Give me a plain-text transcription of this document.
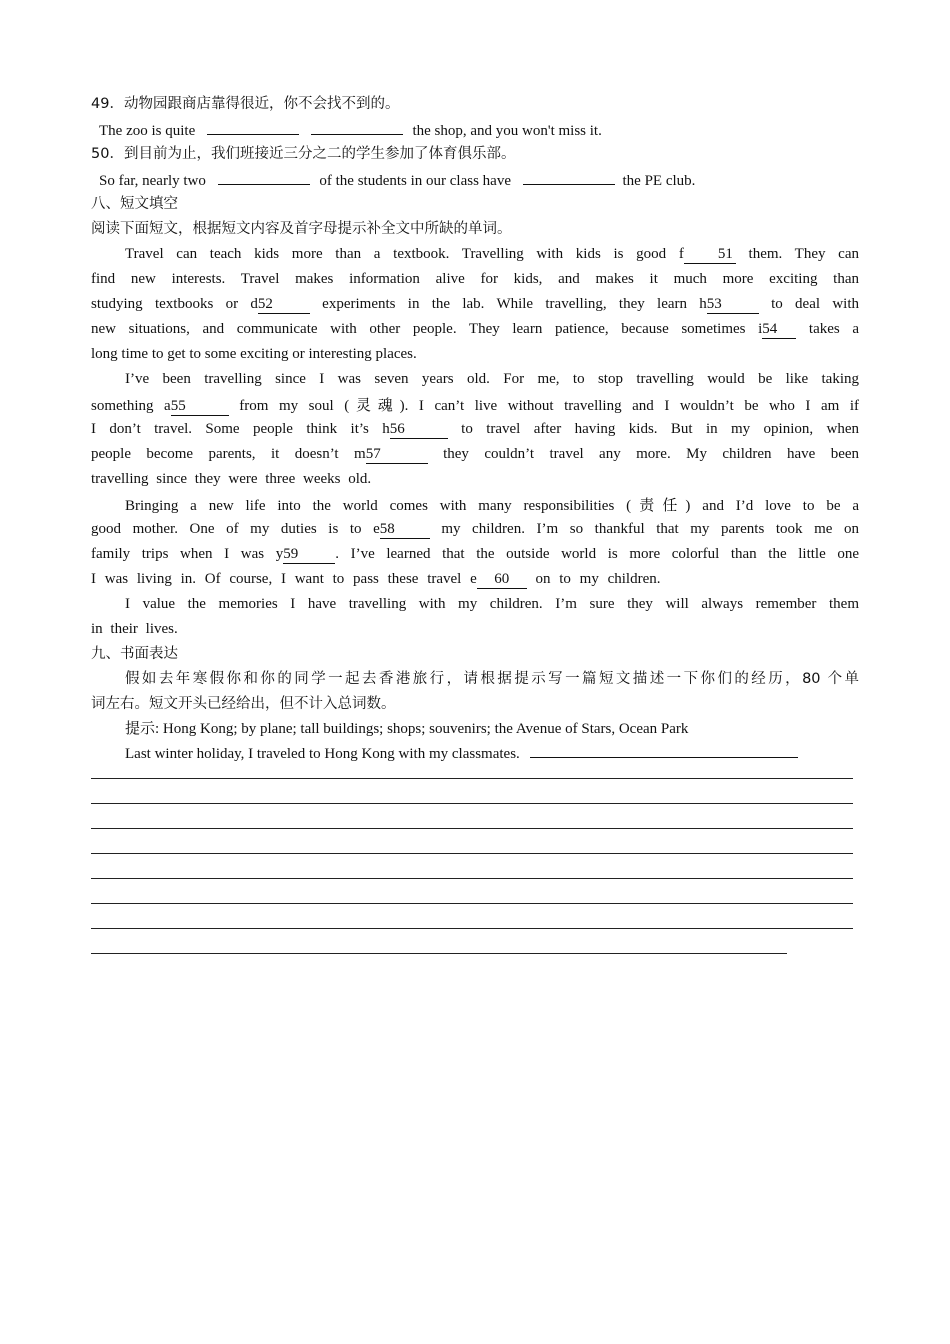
49．动物园跟商店靠得很近，你不会找不到的。
The zoo is quite	the shop, and you won't miss it.
50．到目前为止，我们班接近三分之二的学生参加了体育俱乐部。
So far, nearly two	of the students in our class have	the PE club.
八、短文填空
阅读下面短文，根据短文内容及首字母提示补全文中所缺的单词。
Travel can teach kids more than a textbook. Travelling with kids is good f 51 them. They can
find new interests. Travel makes information alive for kids, and makes it much more exciting than
studying textbooks or d52	experiments in the lab. While travelling, they learn h53	to deal with
new situations, and communicate with other people. They learn patience, because sometimes i54 takes a
long time to get to some exciting or interesting places.
I’ve been travelling since I was seven years old. For me, to stop travelling would be like taking
something a55	from my soul (灵魂). I can’t live without travelling and I wouldn’t be who I am if
I don’t travel. Some people think it’s h56	to travel after having kids. But in my opinion, when
people become parents, it doesn’t m57	they couldn’t travel any more. My children have been
travelling since they were three weeks old.
Bringing a new life into the world comes with many responsibilities (责任) and I’d love to be a
good mother. One of my duties is to e58	my children. I’m so thankful that my parents took me on
family trips when I was y59 . I’ve learned that the outside world is more colorful than the little one
I was living in. Of course, I want to pass these travel e 60 on to my children.
I value the memories I have travelling with my children. I’m sure they will always remember them
in their lives.
九、书面表达
假如去年寒假你和你的同学一起去香港旅行，请根据提示写一篇短文描述一下你们的经历，80 个单
词左右。短文开头已经给出，但不计入总词数。
提示: Hong Kong; by plane; tall buildings; shops; souvenirs; the Avenue of Stars, Ocean Park
Last winter holiday, I traveled to Hong Kong with my classmates.
